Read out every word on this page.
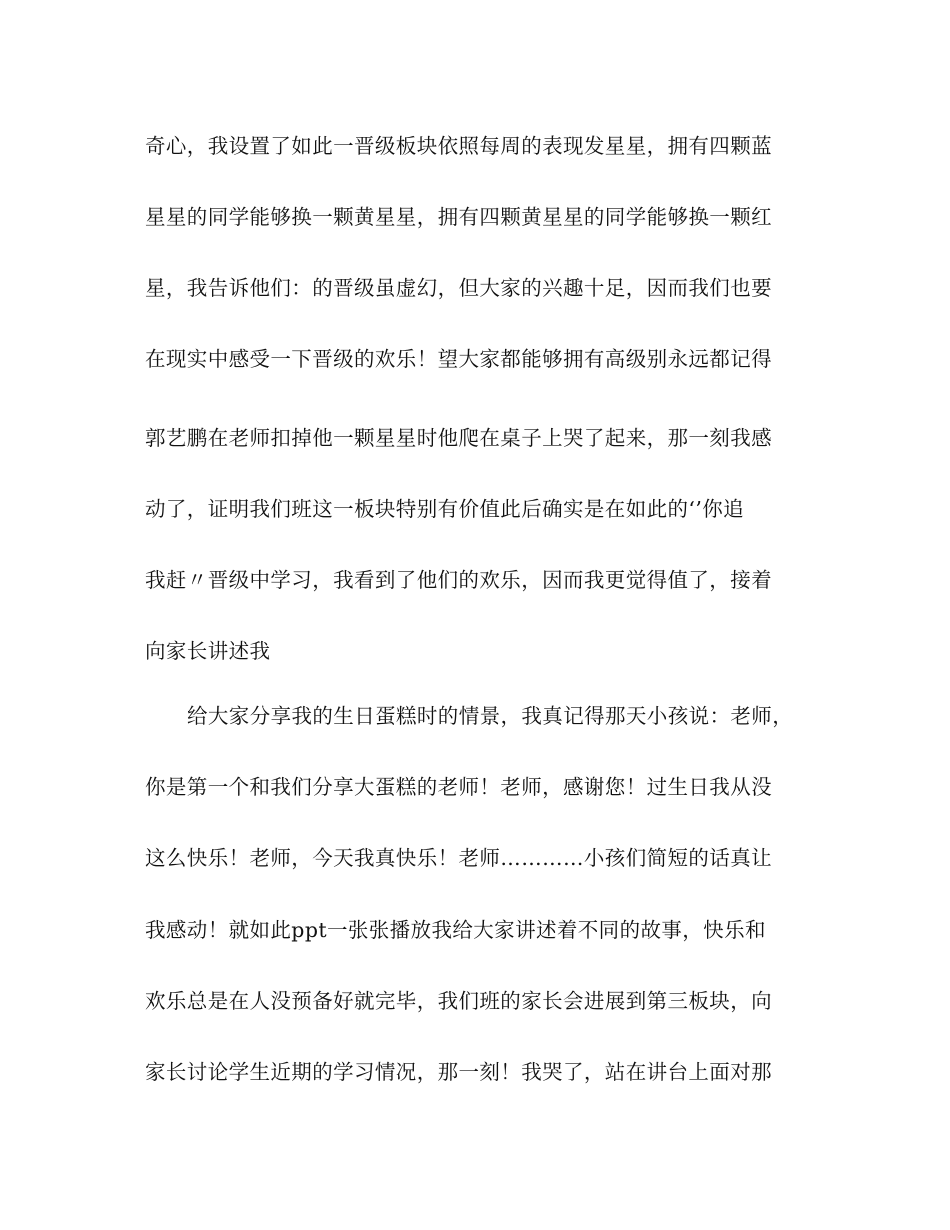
奇心，我设置了如此一晋级板块依照每周的表现发星星，拥有四颗蓝
星星的同学能够换一颗黄星星，拥有四颗黄星星的同学能够换一颗红
星，我告诉他们：的晋级虽虚幻，但大家的兴趣十足，因而我们也要
在现实中感受一下晋级的欢乐！望大家都能够拥有高级别永远都记得
郭艺鹏在老师扣掉他一颗星星时他爬在桌子上哭了起来，那一刻我感
动了，证明我们班这一板块特别有价值此后确实是在如此的‘’你追
我赶〃晋级中学习，我看到了他们的欢乐，因而我更觉得值了，接着
向家长讲述我
给大家分享我的生日蛋糕时的情景，我真记得那天小孩说：老师，
你是第一个和我们分享大蛋糕的老师！老师，感谢您！过生日我从没
这么快乐！老师，今天我真快乐！老师…………小孩们简短的话真让
我感动！就如此ppt一张张播放我给大家讲述着不同的故事，快乐和
欢乐总是在人没预备好就完毕，我们班的家长会进展到第三板块，向
家长讨论学生近期的学习情况，那一刻！我哭了，站在讲台上面对那
